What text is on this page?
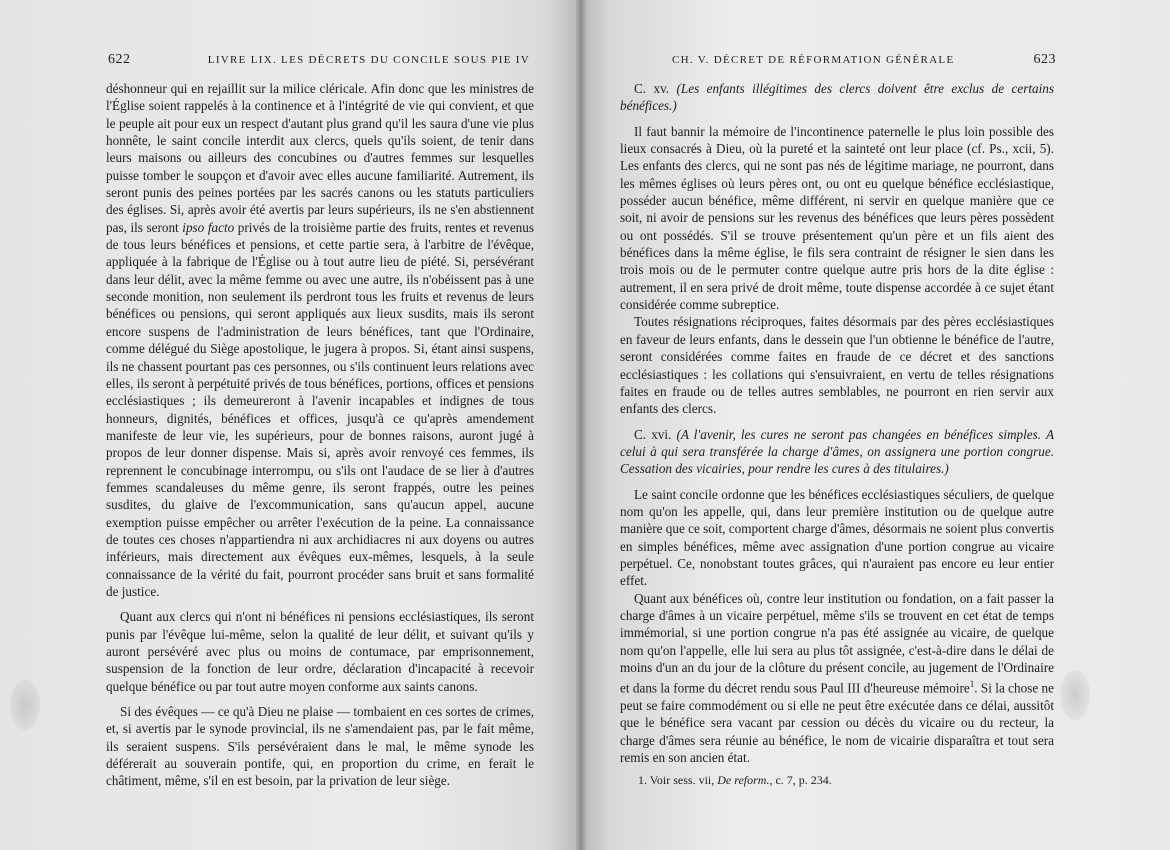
622	LIVRE LIX. LES DÉCRETS DU CONCILE SOUS PIE IV

déshonneur qui en rejaillit sur la milice cléricale. Afin donc que les ministres de l'Église soient rappelés à la continence et à l'intégrité de vie qui convient, et que le peuple ait pour eux un respect d'autant plus grand qu'il les saura d'une vie plus honnête, le saint concile interdit aux clercs, quels qu'ils soient, de tenir dans leurs maisons ou ailleurs des concubines ou d'autres femmes sur lesquelles puisse tomber le soupçon et d'avoir avec elles aucune familiarité. Autrement, ils seront punis des peines portées par les sacrés canons ou les statuts particuliers des églises. Si, après avoir été avertis par leurs supérieurs, ils ne s'en abstiennent pas, ils seront ipso facto privés de la troisième partie des fruits, rentes et revenus de tous leurs bénéfices et pensions, et cette partie sera, à l'arbitre de l'évêque, appliquée à la fabrique de l'Église ou à tout autre lieu de piété. Si, persévérant dans leur délit, avec la même femme ou avec une autre, ils n'obéissent pas à une seconde monition, non seulement ils perdront tous les fruits et revenus de leurs bénéfices ou pensions, qui seront appliqués aux lieux susdits, mais ils seront encore suspens de l'administration de leurs bénéfices, tant que l'Ordinaire, comme délégué du Siège apostolique, le jugera à propos. Si, étant ainsi suspens, ils ne chassent pourtant pas ces personnes, ou s'ils continuent leurs relations avec elles, ils seront à perpétuité privés de tous bénéfices, portions, offices et pensions ecclésiastiques ; ils demeureront à l'avenir incapables et indignes de tous honneurs, dignités, bénéfices et offices, jusqu'à ce qu'après amendement manifeste de leur vie, les supérieurs, pour de bonnes raisons, auront jugé à propos de leur donner dispense. Mais si, après avoir renvoyé ces femmes, ils reprennent le concubinage interrompu, ou s'ils ont l'audace de se lier à d'autres femmes scandaleuses du même genre, ils seront frappés, outre les peines susdites, du glaive de l'excommunication, sans qu'aucun appel, aucune exemption puisse empêcher ou arrêter l'exécution de la peine. La connaissance de toutes ces choses n'appartiendra ni aux archidiacres ni aux doyens ou autres inférieurs, mais directement aux évêques eux-mêmes, lesquels, à la seule connaissance de la vérité du fait, pourront procéder sans bruit et sans formalité de justice.

Quant aux clercs qui n'ont ni bénéfices ni pensions ecclésiastiques, ils seront punis par l'évêque lui-même, selon la qualité de leur délit, et suivant qu'ils y auront persévéré avec plus ou moins de contumace, par emprisonnement, suspension de la fonction de leur ordre, déclaration d'incapacité à recevoir quelque bénéfice ou par tout autre moyen conforme aux saints canons.

Si des évêques — ce qu'à Dieu ne plaise — tombaient en ces sortes de crimes, et, si avertis par le synode provincial, ils ne s'amendaient pas, par le fait même, ils seraient suspens. S'ils persévéraient dans le mal, le même synode les déférerait au souverain pontife, qui, en proportion du crime, en ferait le châtiment, même, s'il en est besoin, par la privation de leur siège.

CH. V. DÉCRET DE RÉFORMATION GÉNÉRALE	623

C. xv. (Les enfants illégitimes des clercs doivent être exclus de certains bénéfices.)

Il faut bannir la mémoire de l'incontinence paternelle le plus loin possible des lieux consacrés à Dieu, où la pureté et la sainteté ont leur place (cf. Ps., xcii, 5). Les enfants des clercs, qui ne sont pas nés de légitime mariage, ne pourront, dans les mêmes églises où leurs pères ont, ou ont eu quelque bénéfice ecclésiastique, posséder aucun bénéfice, même différent, ni servir en quelque manière que ce soit, ni avoir de pensions sur les revenus des bénéfices que leurs pères possèdent ou ont possédés. S'il se trouve présentement qu'un père et un fils aient des bénéfices dans la même église, le fils sera contraint de résigner le sien dans les trois mois ou de le permuter contre quelque autre pris hors de la dite église : autrement, il en sera privé de droit même, toute dispense accordée à ce sujet étant considérée comme subreptice.

Toutes résignations réciproques, faites désormais par des pères ecclésiastiques en faveur de leurs enfants, dans le dessein que l'un obtienne le bénéfice de l'autre, seront considérées comme faites en fraude de ce décret et des sanctions ecclésiastiques : les collations qui s'ensuivraient, en vertu de telles résignations faites en fraude ou de telles autres semblables, ne pourront en rien servir aux enfants des clercs.

C. xvi. (A l'avenir, les cures ne seront pas changées en bénéfices simples. A celui à qui sera transférée la charge d'âmes, on assignera une portion congrue. Cessation des vicairies, pour rendre les cures à des titulaires.)

Le saint concile ordonne que les bénéfices ecclésiastiques séculiers, de quelque nom qu'on les appelle, qui, dans leur première institution ou de quelque autre manière que ce soit, comportent charge d'âmes, désormais ne soient plus convertis en simples bénéfices, même avec assignation d'une portion congrue au vicaire perpétuel. Ce, nonobstant toutes grâces, qui n'auraient pas encore eu leur entier effet.

Quant aux bénéfices où, contre leur institution ou fondation, on a fait passer la charge d'âmes à un vicaire perpétuel, même s'ils se trouvent en cet état de temps immémorial, si une portion congrue n'a pas été assignée au vicaire, de quelque nom qu'on l'appelle, elle lui sera au plus tôt assignée, c'est-à-dire dans le délai de moins d'un an du jour de la clôture du présent concile, au jugement de l'Ordinaire et dans la forme du décret rendu sous Paul III d'heureuse mémoire$^1$. Si la chose ne peut se faire commodément ou si elle ne peut être exécutée dans ce délai, aussitôt que le bénéfice sera vacant par cession ou décès du vicaire ou du recteur, la charge d'âmes sera réunie au bénéfice, le nom de vicairie disparaîtra et tout sera remis en son ancien état.

1. Voir sess. vii, De reform., c. 7, p. 234.
